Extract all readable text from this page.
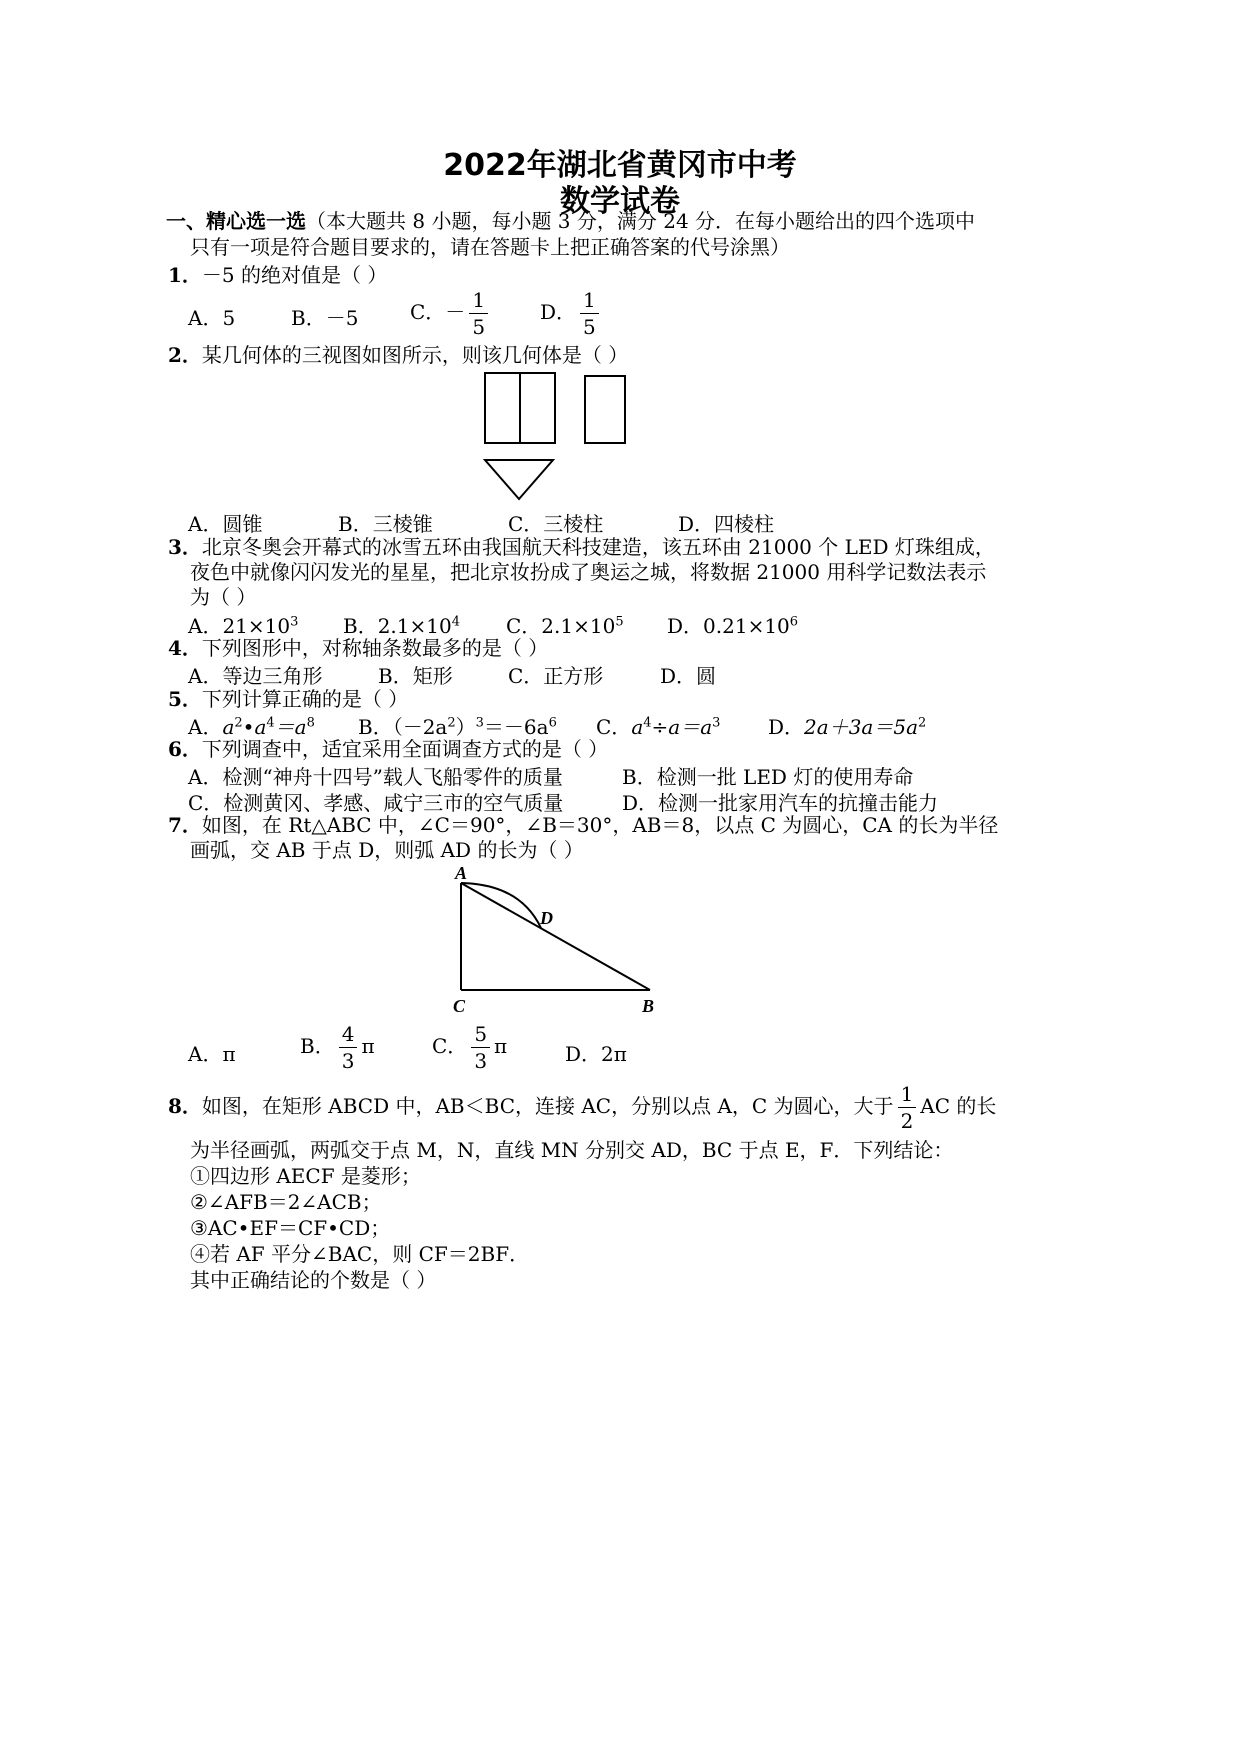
2022年湖北省黄冈市中考
数学试卷
一、精心选一选（本大题共 8 小题，每小题 3 分，满分 24 分．在每小题给出的四个选项中
只有一项是符合题目要求的，请在答题卡上把正确答案的代号涂黑）
1．－5 的绝对值是（ ）
A．5	B．－5	C．－ $\frac{1}{5}$	D． $\frac{1}{5}$
2．某几何体的三视图如图所示，则该几何体是（ ）
A．圆锥	B．三棱锥	C．三棱柱	D．四棱柱
3．北京冬奥会开幕式的冰雪五环由我国航天科技建造，该五环由 21000 个 LED 灯珠组成，
夜色中就像闪闪发光的星星，把北京妆扮成了奥运之城，将数据 21000 用科学记数法表示
为（ ）
A．$21\times 10^3$ B．$2.1\times 10^4$ C．$2.1\times 10^5$ D．$0.21\times 10^6$
4．下列图形中，对称轴条数最多的是（ ）
A．等边三角形	B．矩形	C．正方形	D．圆
5．下列计算正确的是（ ）
A．$a^2•a^4=a^8$ B．$(-2a^2)^3=-6a^6$ C．$a^4\div a=a^3$ D．$2a+3a=5a^2$
6．下列调查中，适宜采用全面调查方式的是（ ）
A．检测“神舟十四号”载人飞船零件的质量	B．检测一批 LED 灯的使用寿命
C．检测黄冈、孝感、咸宁三市的空气质量	D．检测一批家用汽车的抗撞击能力
7．如图，在 Rt△ABC 中，∠C＝90°，∠B＝30°，AB＝8，以点 C 为圆心，CA 的长为半径
画弧，交 AB 于点 D，则弧 AD 的长为（ ）
A
D
C	B
A．π	B． $\frac{4}{3}$ π	C． $\frac{5}{3}$ π	D．2π
8．如图，在矩形 ABCD 中，AB＜BC，连接 AC，分别以点 A，C 为圆心，大于 $\frac{1}{2}$ AC 的长
为半径画弧，两弧交于点 M，N，直线 MN 分别交 AD，BC 于点 E，F．下列结论：
①四边形 AECF 是菱形；
②∠AFB＝2∠ACB；
③AC•EF＝CF•CD；
④若 AF 平分∠BAC，则 CF＝2BF．
其中正确结论的个数是（ ）
